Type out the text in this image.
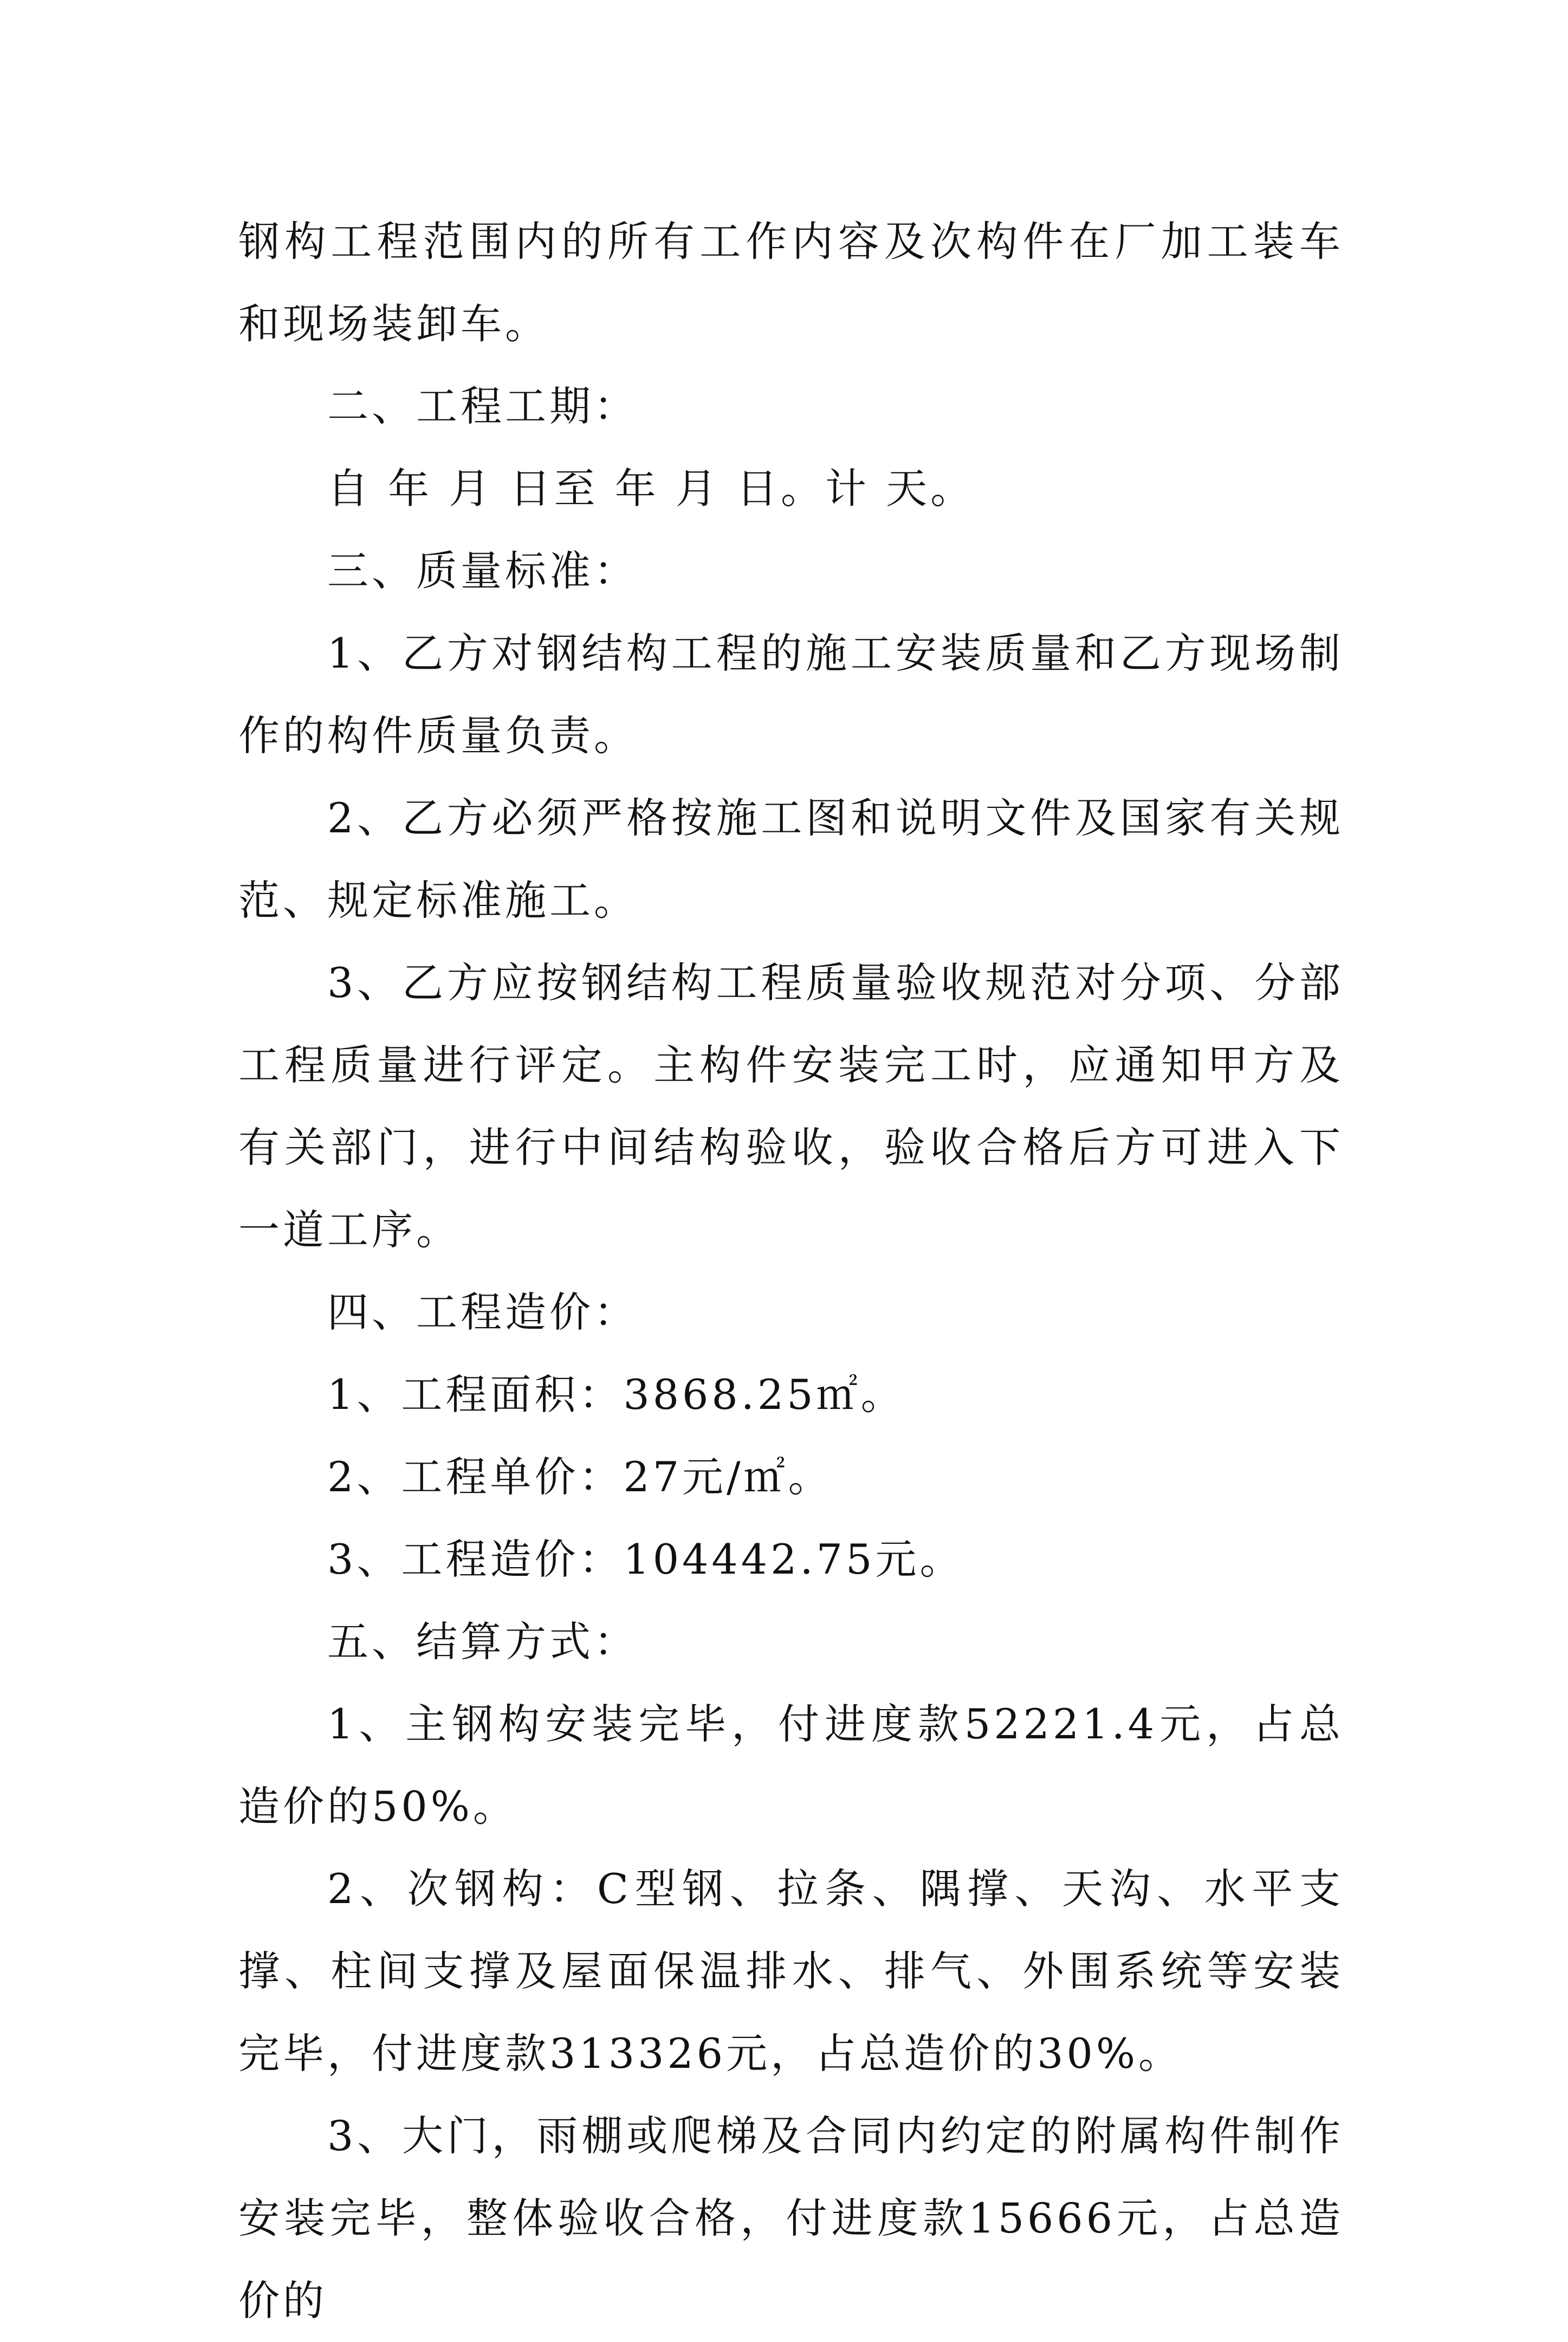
钢构工程范围内的所有工作内容及次构件在厂加工装车和现场装卸车。

二、工程工期：

自 年 月 日至 年 月 日。计 天。

三、质量标准：

1、乙方对钢结构工程的施工安装质量和乙方现场制作的构件质量负责。

2、乙方必须严格按施工图和说明文件及国家有关规范、规定标准施工。

3、乙方应按钢结构工程质量验收规范对分项、分部工程质量进行评定。主构件安装完工时，应通知甲方及有关部门，进行中间结构验收，验收合格后方可进入下一道工序。

四、工程造价：

1、工程面积：3868.25㎡。

2、工程单价：27元/㎡。

3、工程造价：104442.75元。

五、结算方式：

1、主钢构安装完毕，付进度款52221.4元，占总造价的50%。

2、次钢构：C型钢、拉条、隅撑、天沟、水平支撑、柱间支撑及屋面保温排水、排气、外围系统等安装完毕，付进度款313326元，占总造价的30%。

3、大门，雨棚或爬梯及合同内约定的附属构件制作安装完毕，整体验收合格，付进度款15666元，占总造价的
